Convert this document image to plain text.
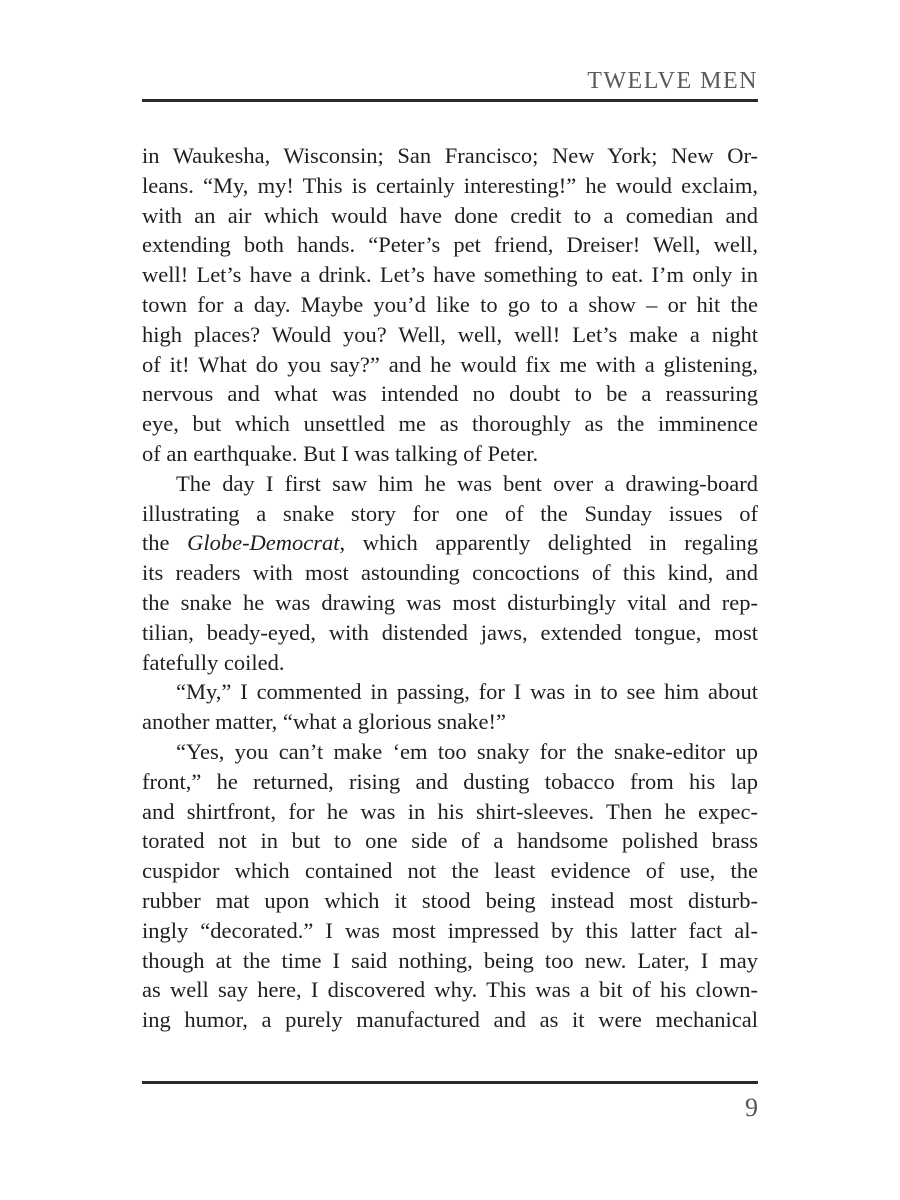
TWELVE MEN
in Waukesha, Wisconsin; San Francisco; New York; New Or-
leans. “My, my! This is certainly interesting!” he would exclaim,
with an air which would have done credit to a comedian and
extending both hands. “Peter’s pet friend, Dreiser! Well, well,
well! Let’s have a drink. Let’s have something to eat. I’m only in
town for a day. Maybe you’d like to go to a show – or hit the
high places? Would you? Well, well, well! Let’s make a night
of it! What do you say?” and he would fix me with a glistening,
nervous and what was intended no doubt to be a reassuring
eye, but which unsettled me as thoroughly as the imminence
of an earthquake. But I was talking of Peter.
The day I first saw him he was bent over a drawing-board
illustrating a snake story for one of the Sunday issues of
the Globe-Democrat, which apparently delighted in regaling
its readers with most astounding concoctions of this kind, and
the snake he was drawing was most disturbingly vital and rep-
tilian, beady-eyed, with distended jaws, extended tongue, most
fatefully coiled.
“My,” I commented in passing, for I was in to see him about
another matter, “what a glorious snake!”
“Yes, you can’t make ‘em too snaky for the snake-editor up
front,” he returned, rising and dusting tobacco from his lap
and shirtfront, for he was in his shirt-sleeves. Then he expec-
torated not in but to one side of a handsome polished brass
cuspidor which contained not the least evidence of use, the
rubber mat upon which it stood being instead most disturb-
ingly “decorated.” I was most impressed by this latter fact al-
though at the time I said nothing, being too new. Later, I may
as well say here, I discovered why. This was a bit of his clown-
ing humor, a purely manufactured and as it were mechanical
9
